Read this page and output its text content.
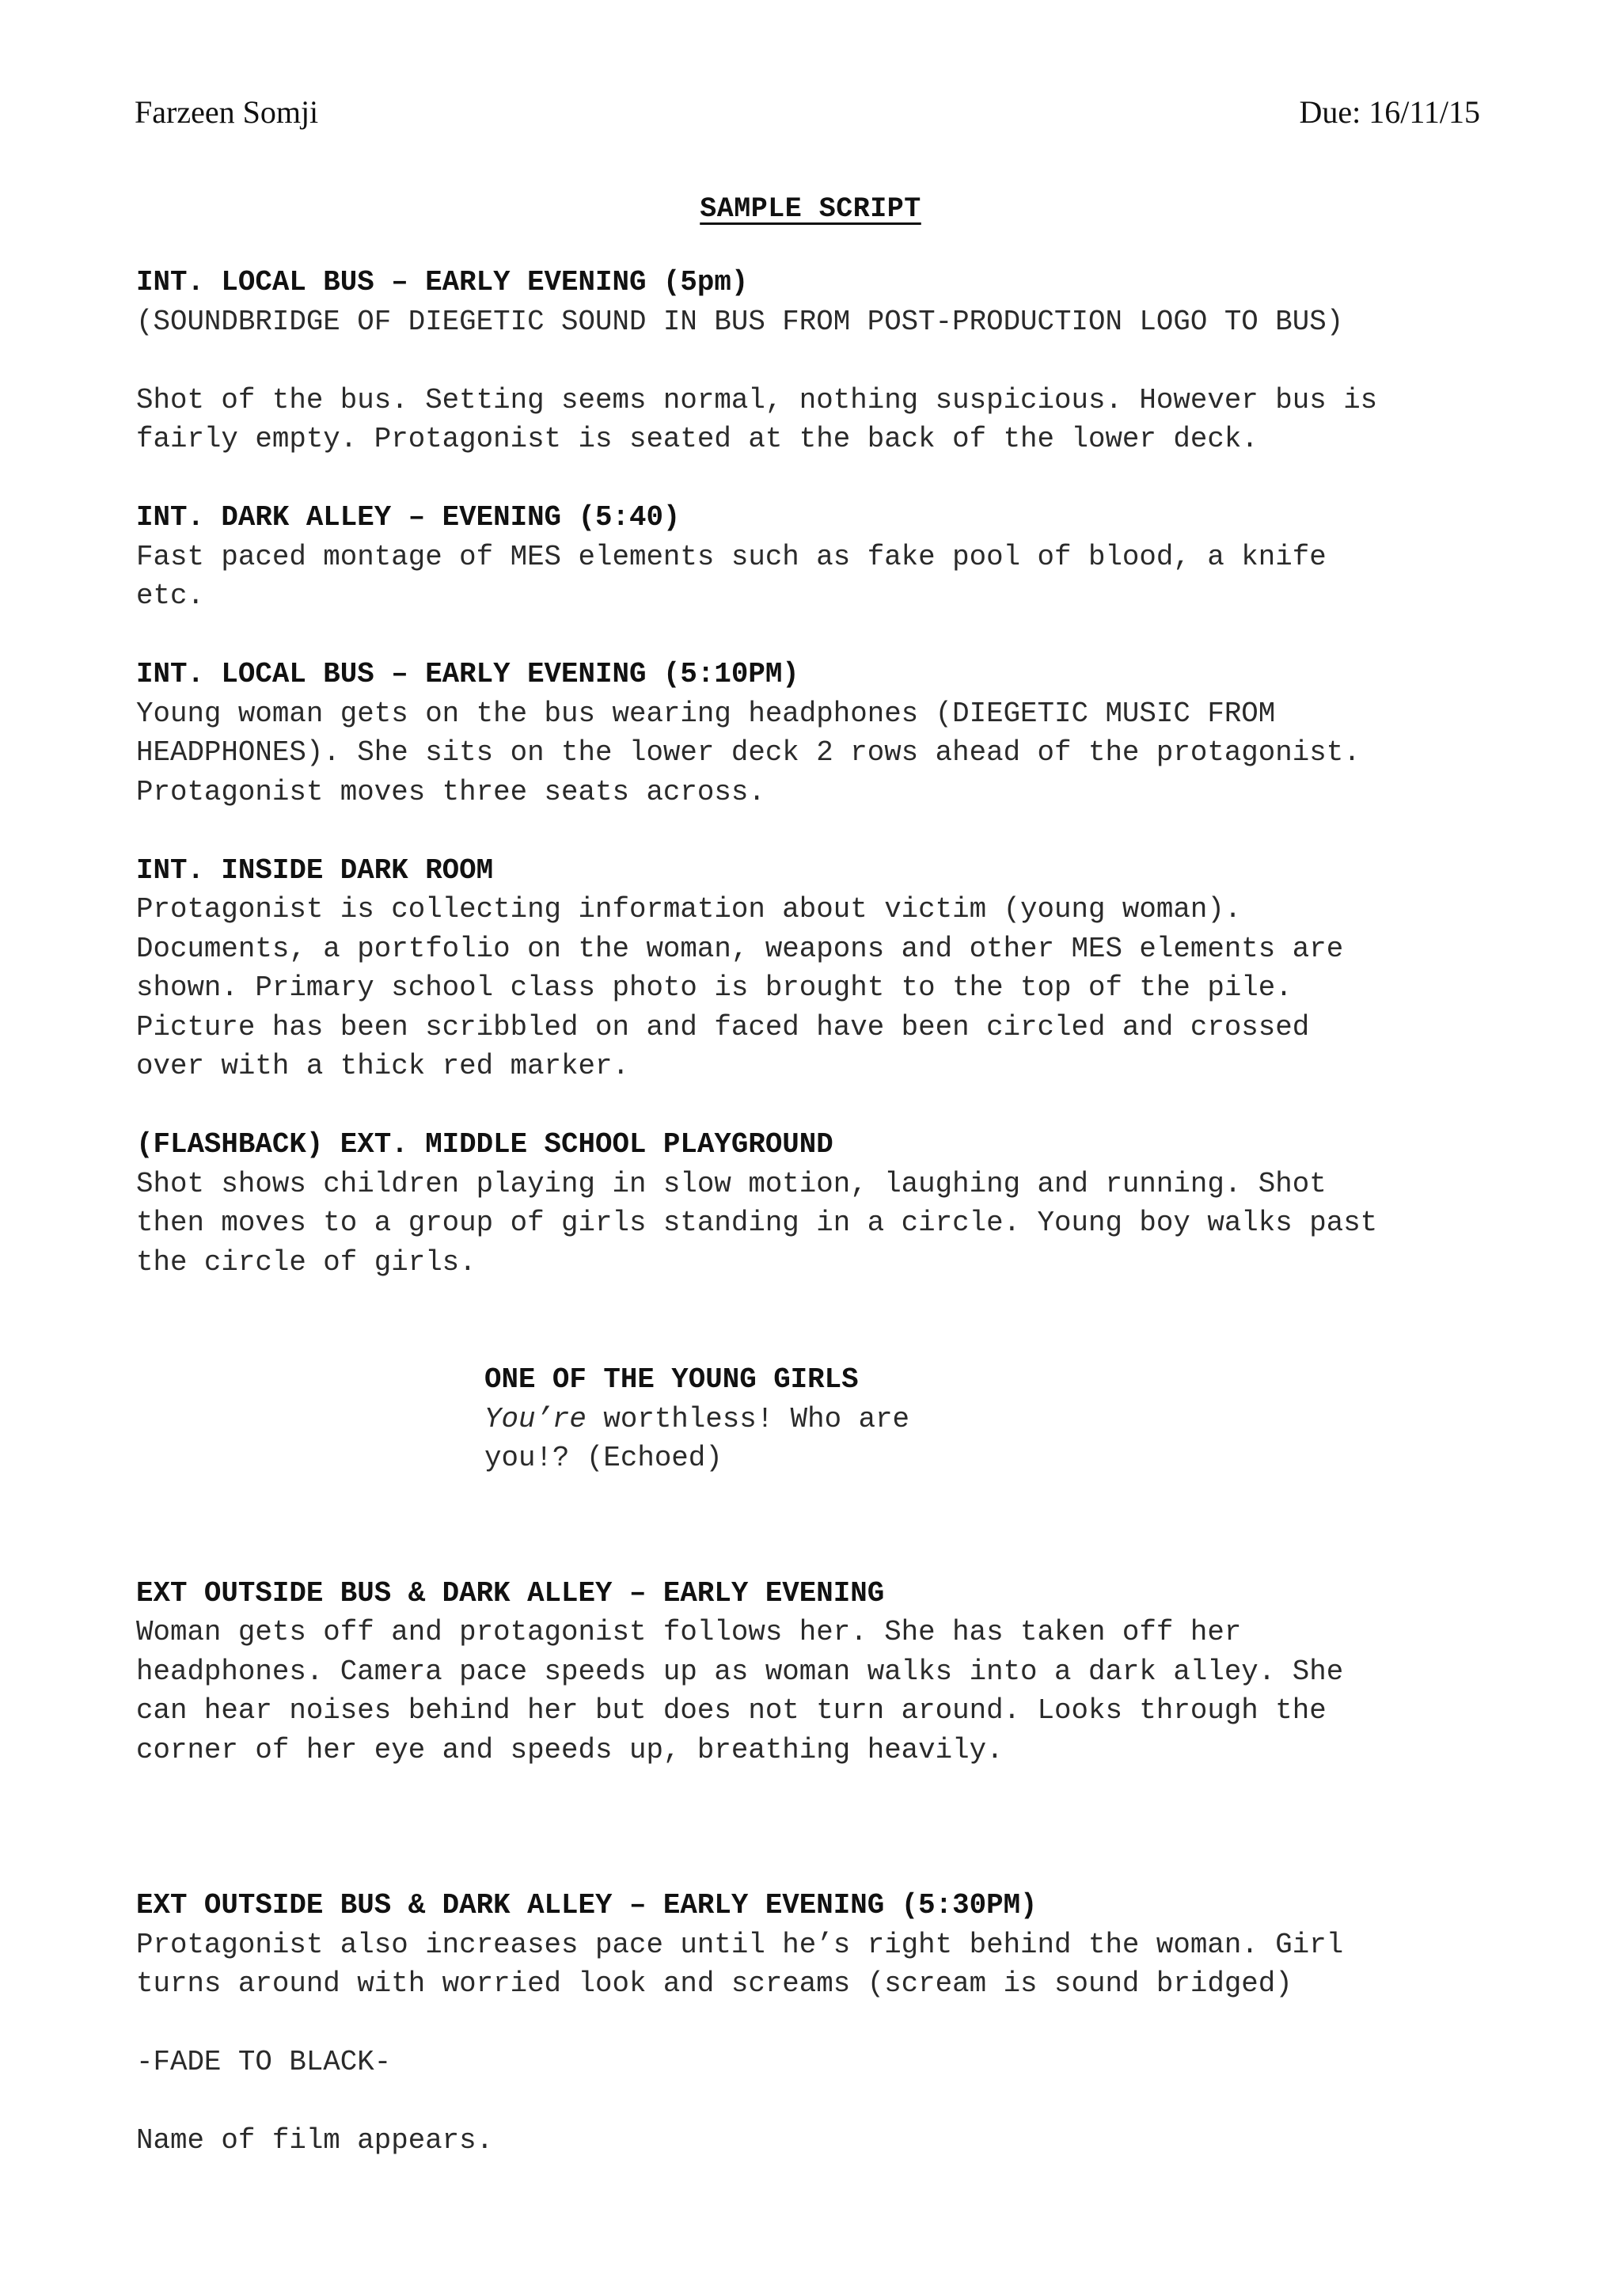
Farzeen Somji	Due: 16/11/15
SAMPLE SCRIPT
INT. LOCAL BUS – EARLY EVENING (5pm)
(SOUNDBRIDGE OF DIEGETIC SOUND IN BUS FROM POST-PRODUCTION LOGO TO BUS)
Shot of the bus. Setting seems normal, nothing suspicious. However bus is
fairly empty. Protagonist is seated at the back of the lower deck.
INT. DARK ALLEY – EVENING (5:40)
Fast paced montage of MES elements such as fake pool of blood, a knife
etc.
INT. LOCAL BUS – EARLY EVENING (5:10PM)
Young woman gets on the bus wearing headphones (DIEGETIC MUSIC FROM
HEADPHONES). She sits on the lower deck 2 rows ahead of the protagonist.
Protagonist moves three seats across.
INT. INSIDE DARK ROOM
Protagonist is collecting information about victim (young woman).
Documents, a portfolio on the woman, weapons and other MES elements are
shown. Primary school class photo is brought to the top of the pile.
Picture has been scribbled on and faced have been circled and crossed
over with a thick red marker.
(FLASHBACK) EXT. MIDDLE SCHOOL PLAYGROUND
Shot shows children playing in slow motion, laughing and running. Shot
then moves to a group of girls standing in a circle. Young boy walks past
the circle of girls.
ONE OF THE YOUNG GIRLS
You’re worthless! Who are
you!? (Echoed)
EXT OUTSIDE BUS & DARK ALLEY – EARLY EVENING
Woman gets off and protagonist follows her. She has taken off her
headphones. Camera pace speeds up as woman walks into a dark alley. She
can hear noises behind her but does not turn around. Looks through the
corner of her eye and speeds up, breathing heavily.
EXT OUTSIDE BUS & DARK ALLEY – EARLY EVENING (5:30PM)
Protagonist also increases pace until he’s right behind the woman. Girl
turns around with worried look and screams (scream is sound bridged)
-FADE TO BLACK-
Name of film appears.
